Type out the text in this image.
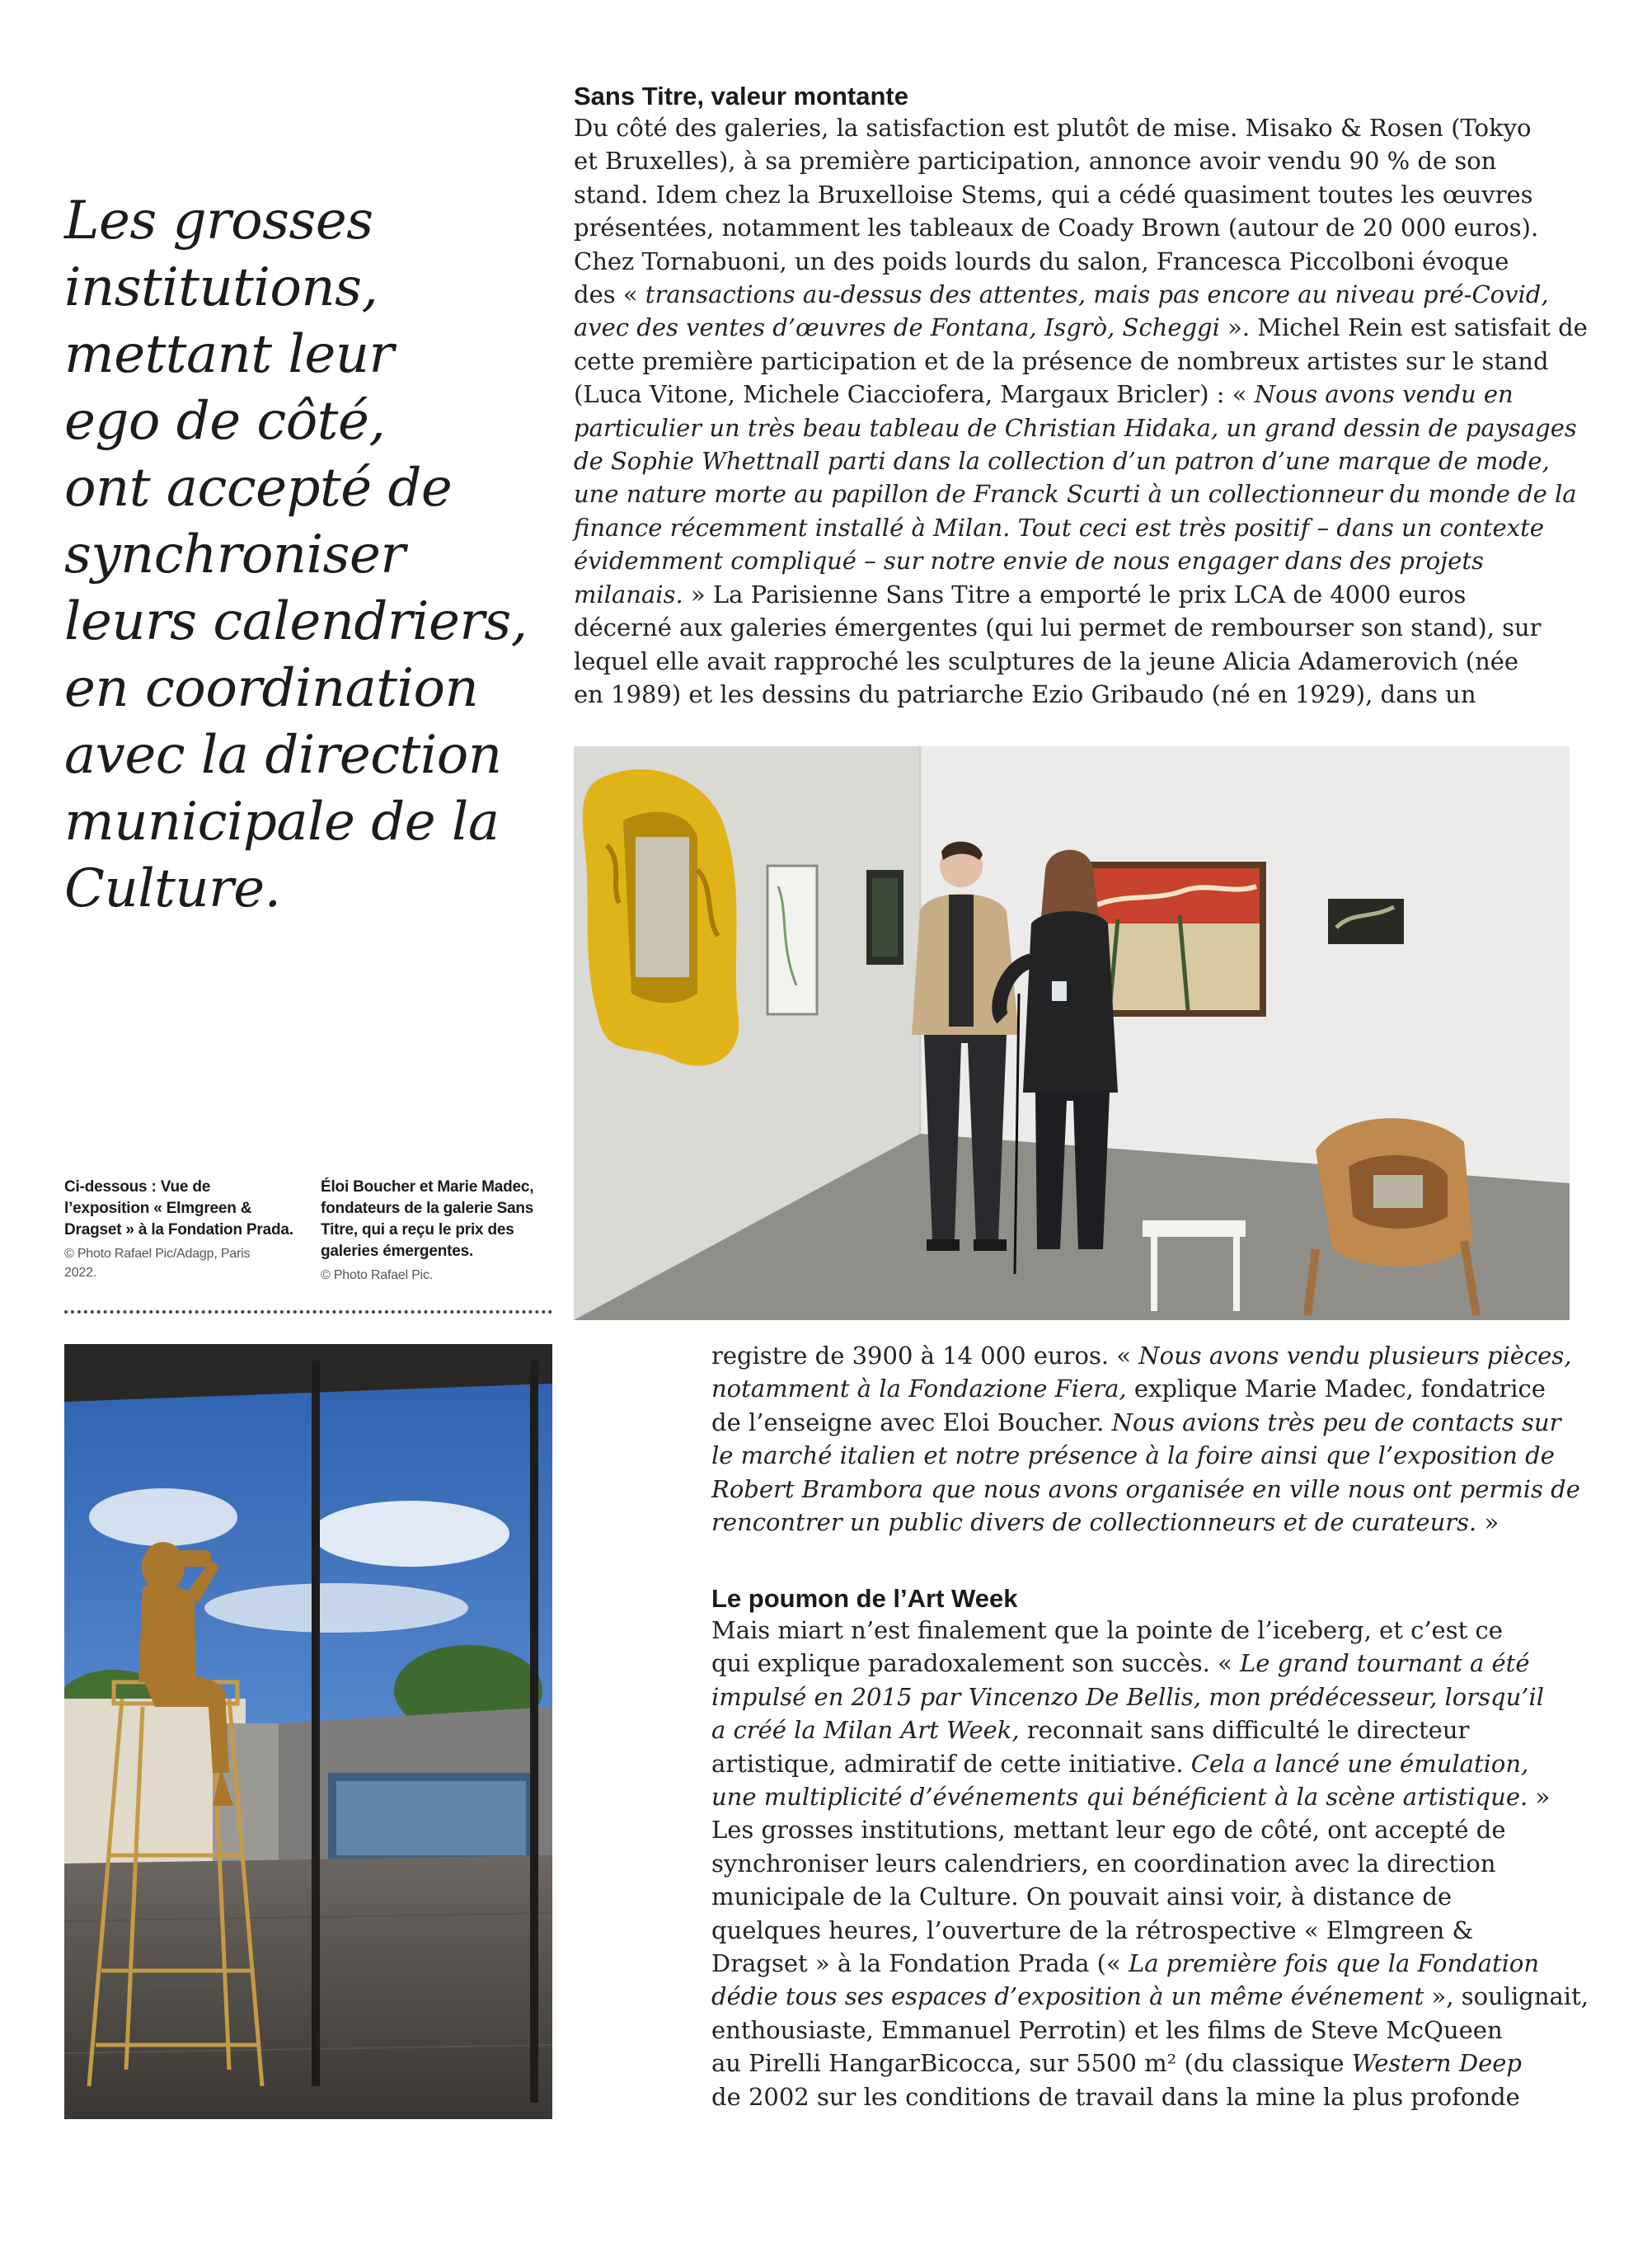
Les grosses
institutions,
mettant leur
ego de côté,
ont accepté de
synchroniser
leurs calendriers,
en coordination
avec la direction
municipale de la
Culture.
Sans Titre, valeur montante
Du côté des galeries, la satisfaction est plutôt de mise. Misako & Rosen (Tokyo
et Bruxelles), à sa première participation, annonce avoir vendu 90 % de son
stand. Idem chez la Bruxelloise Stems, qui a cédé quasiment toutes les œuvres
présentées, notamment les tableaux de Coady Brown (autour de 20 000 euros).
Chez Tornabuoni, un des poids lourds du salon, Francesca Piccolboni évoque
des « transactions au-dessus des attentes, mais pas encore au niveau pré-Covid,
avec des ventes d’œuvres de Fontana, Isgrò, Scheggi ». Michel Rein est satisfait de
cette première participation et de la présence de nombreux artistes sur le stand
(Luca Vitone, Michele Ciacciofera, Margaux Bricler) : « Nous avons vendu en
particulier un très beau tableau de Christian Hidaka, un grand dessin de paysages
de Sophie Whettnall parti dans la collection d’un patron d’une marque de mode,
une nature morte au papillon de Franck Scurti à un collectionneur du monde de la
finance récemment installé à Milan. Tout ceci est très positif – dans un contexte
évidemment compliqué – sur notre envie de nous engager dans des projets
milanais. » La Parisienne Sans Titre a emporté le prix LCA de 4000 euros
décerné aux galeries émergentes (qui lui permet de rembourser son stand), sur
lequel elle avait rapproché les sculptures de la jeune Alicia Adamerovich (née
en 1989) et les dessins du patriarche Ezio Gribaudo (né en 1929), dans un
Ci-dessous : Vue de
l’exposition « Elmgreen &
Dragset » à la Fondation Prada.
© Photo Rafael Pic/Adagp, Paris
2022.
Éloi Boucher et Marie Madec,
fondateurs de la galerie Sans
Titre, qui a reçu le prix des
galeries émergentes.
© Photo Rafael Pic.
registre de 3900 à 14 000 euros. « Nous avons vendu plusieurs pièces,
notamment à la Fondazione Fiera, explique Marie Madec, fondatrice
de l’enseigne avec Eloi Boucher. Nous avions très peu de contacts sur
le marché italien et notre présence à la foire ainsi que l’exposition de
Robert Brambora que nous avons organisée en ville nous ont permis de
rencontrer un public divers de collectionneurs et de curateurs. »
Le poumon de l’Art Week
Mais miart n’est finalement que la pointe de l’iceberg, et c’est ce
qui explique paradoxalement son succès. « Le grand tournant a été
impulsé en 2015 par Vincenzo De Bellis, mon prédécesseur, lorsqu’il
a créé la Milan Art Week, reconnait sans difficulté le directeur
artistique, admiratif de cette initiative. Cela a lancé une émulation,
une multiplicité d’événements qui bénéficient à la scène artistique. »
Les grosses institutions, mettant leur ego de côté, ont accepté de
synchroniser leurs calendriers, en coordination avec la direction
municipale de la Culture. On pouvait ainsi voir, à distance de
quelques heures, l’ouverture de la rétrospective « Elmgreen &
Dragset » à la Fondation Prada (« La première fois que la Fondation
dédie tous ses espaces d’exposition à un même événement », soulignait,
enthousiaste, Emmanuel Perrotin) et les films de Steve McQueen
au Pirelli HangarBicocca, sur 5500 m² (du classique Western Deep
de 2002 sur les conditions de travail dans la mine la plus profonde
